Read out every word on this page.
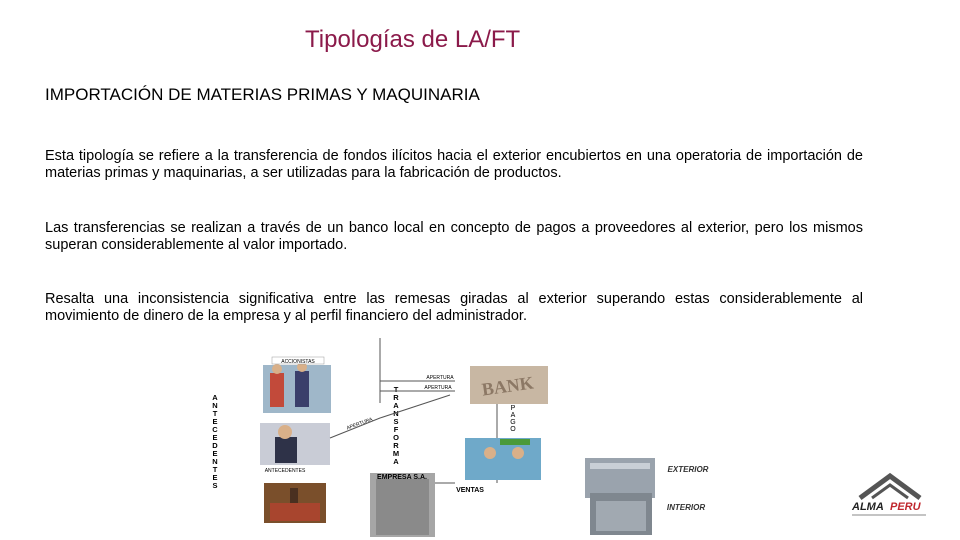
Tipologías de LA/FT
IMPORTACIÓN DE MATERIAS PRIMAS Y MAQUINARIA
Esta tipología se refiere a la transferencia de fondos ilícitos hacia el exterior encubiertos en una operatoria de importación de materias primas y maquinarias, a ser utilizadas para la fabricación de productos.
Las transferencias se realizan a través de un banco local en concepto de pagos a proveedores al exterior, pero los mismos superan considerablemente al valor importado.
Resalta una inconsistencia significativa entre las remesas giradas al exterior superando estas considerablemente al movimiento de dinero de la empresa y al perfil financiero del administrador.
ACCIONISTAS
ANTECEDENTES
ANTECEDENTES	TRANSFORMA	PAGO
APERTURA
APERTURA
APERTURA
BANK
EMPRESA S.A.
VENTAS
EXTERIOR
INTERIOR	ALMA PERU
